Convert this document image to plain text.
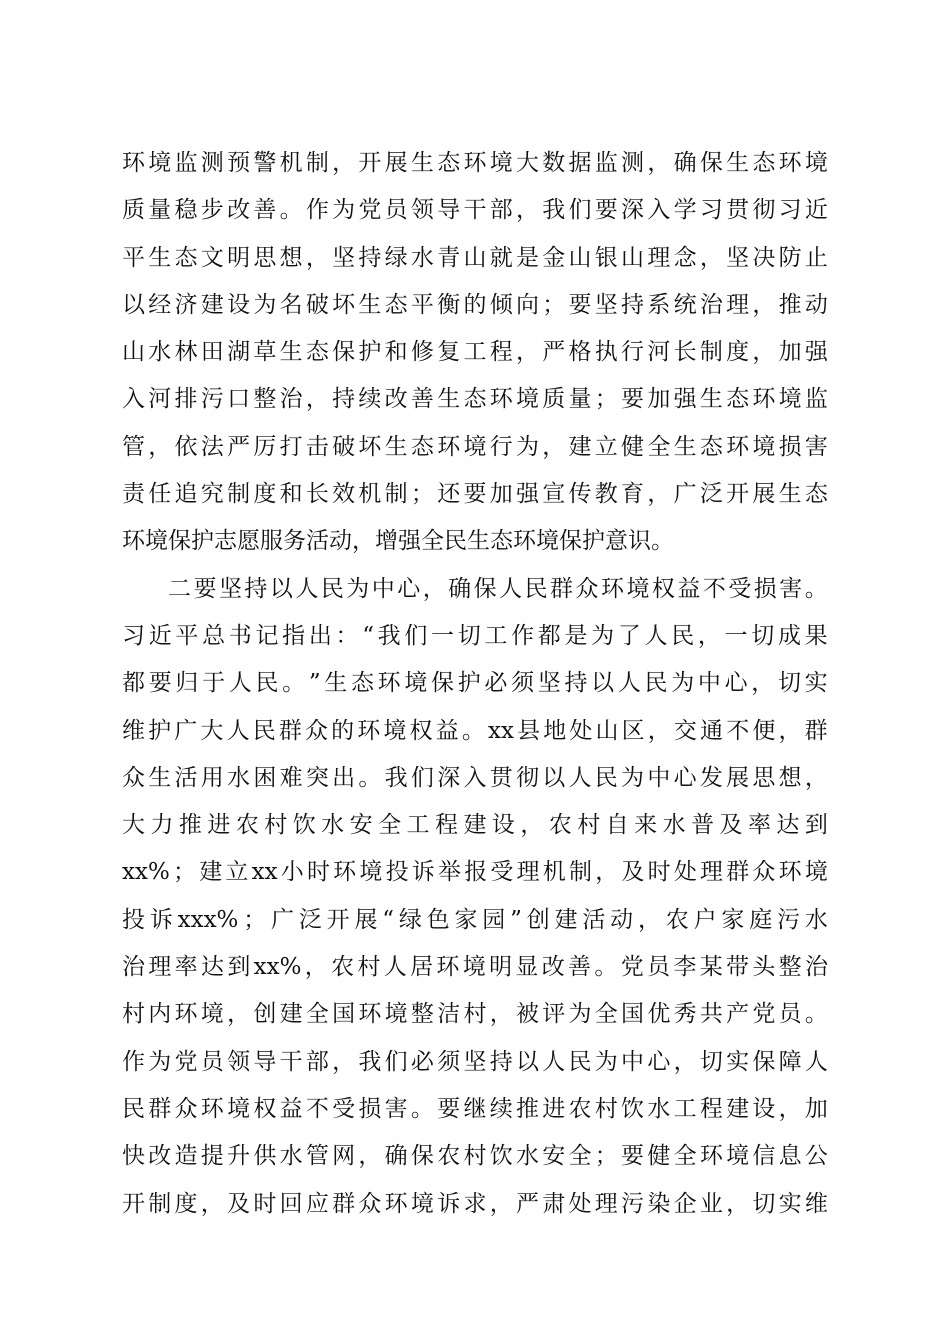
环 境 监 测 预 警 机 制 ， 开 展 生 态 环 境 大 数 据 监 测 ， 确 保 生 态 环 境
质 量 稳 步 改 善 。 作 为 党 员 领 导 干 部 ， 我 们 要 深 入 学 习 贯 彻 习 近
平 生 态 文 明 思 想 ， 坚 持 绿 水 青 山 就 是 金 山 银 山 理 念 ， 坚 决 防 止
以 经 济 建 设 为 名 破 坏 生 态 平 衡 的 倾 向 ； 要 坚 持 系 统 治 理 ， 推 动
山 水 林 田 湖 草 生 态 保 护 和 修 复 工 程 ， 严 格 执 行 河 长 制 度 ， 加 强
入 河 排 污 口 整 治 ， 持 续 改 善 生 态 环 境 质 量 ； 要 加 强 生 态 环 境 监
管 ， 依 法 严 厉 打 击 破 坏 生 态 环 境 行 为 ， 建 立 健 全 生 态 环 境 损 害
责 任 追 究 制 度 和 长 效 机 制 ； 还 要 加 强 宣 传 教 育 ， 广 泛 开 展 生 态
环境保护志愿服务活动，增强全民生态环境保护意识。
二 要 坚 持 以 人 民 为 中 心 ， 确 保 人 民 群 众 环 境 权 益 不 受 损 害 。
习 近 平 总 书 记 指 出 ： “ 我 们 一 切 工 作 都 是 为 了 人 民 ， 一 切 成 果
都 要 归 于 人 民 。 ” 生 态 环 境 保 护 必 须 坚 持 以 人 民 为 中 心 ， 切 实
维 护 广 大 人 民 群 众 的 环 境 权 益 。 xx 县 地 处 山 区 ， 交 通 不 便 ， 群
众 生 活 用 水 困 难 突 出 。 我 们 深 入 贯 彻 以 人 民 为 中 心 发 展 思 想 ，
大 力 推 进 农 村 饮 水 安 全 工 程 建 设 ， 农 村 自 来 水 普 及 率 达 到
xx% ； 建 立 xx 小 时 环 境 投 诉 举 报 受 理 机 制 ， 及 时 处 理 群 众 环 境
投 诉 xxx% ； 广 泛 开 展 “ 绿 色 家 园 ” 创 建 活 动 ， 农 户 家 庭 污 水
治 理 率 达 到 xx% ， 农 村 人 居 环 境 明 显 改 善 。 党 员 李 某 带 头 整 治
村 内 环 境 ， 创 建 全 国 环 境 整 洁 村 ， 被 评 为 全 国 优 秀 共 产 党 员 。
作 为 党 员 领 导 干 部 ， 我 们 必 须 坚 持 以 人 民 为 中 心 ， 切 实 保 障 人
民 群 众 环 境 权 益 不 受 损 害 。 要 继 续 推 进 农 村 饮 水 工 程 建 设 ， 加
快 改 造 提 升 供 水 管 网 ， 确 保 农 村 饮 水 安 全 ； 要 健 全 环 境 信 息 公
开 制 度 ， 及 时 回 应 群 众 环 境 诉 求 ， 严 肃 处 理 污 染 企 业 ， 切 实 维
